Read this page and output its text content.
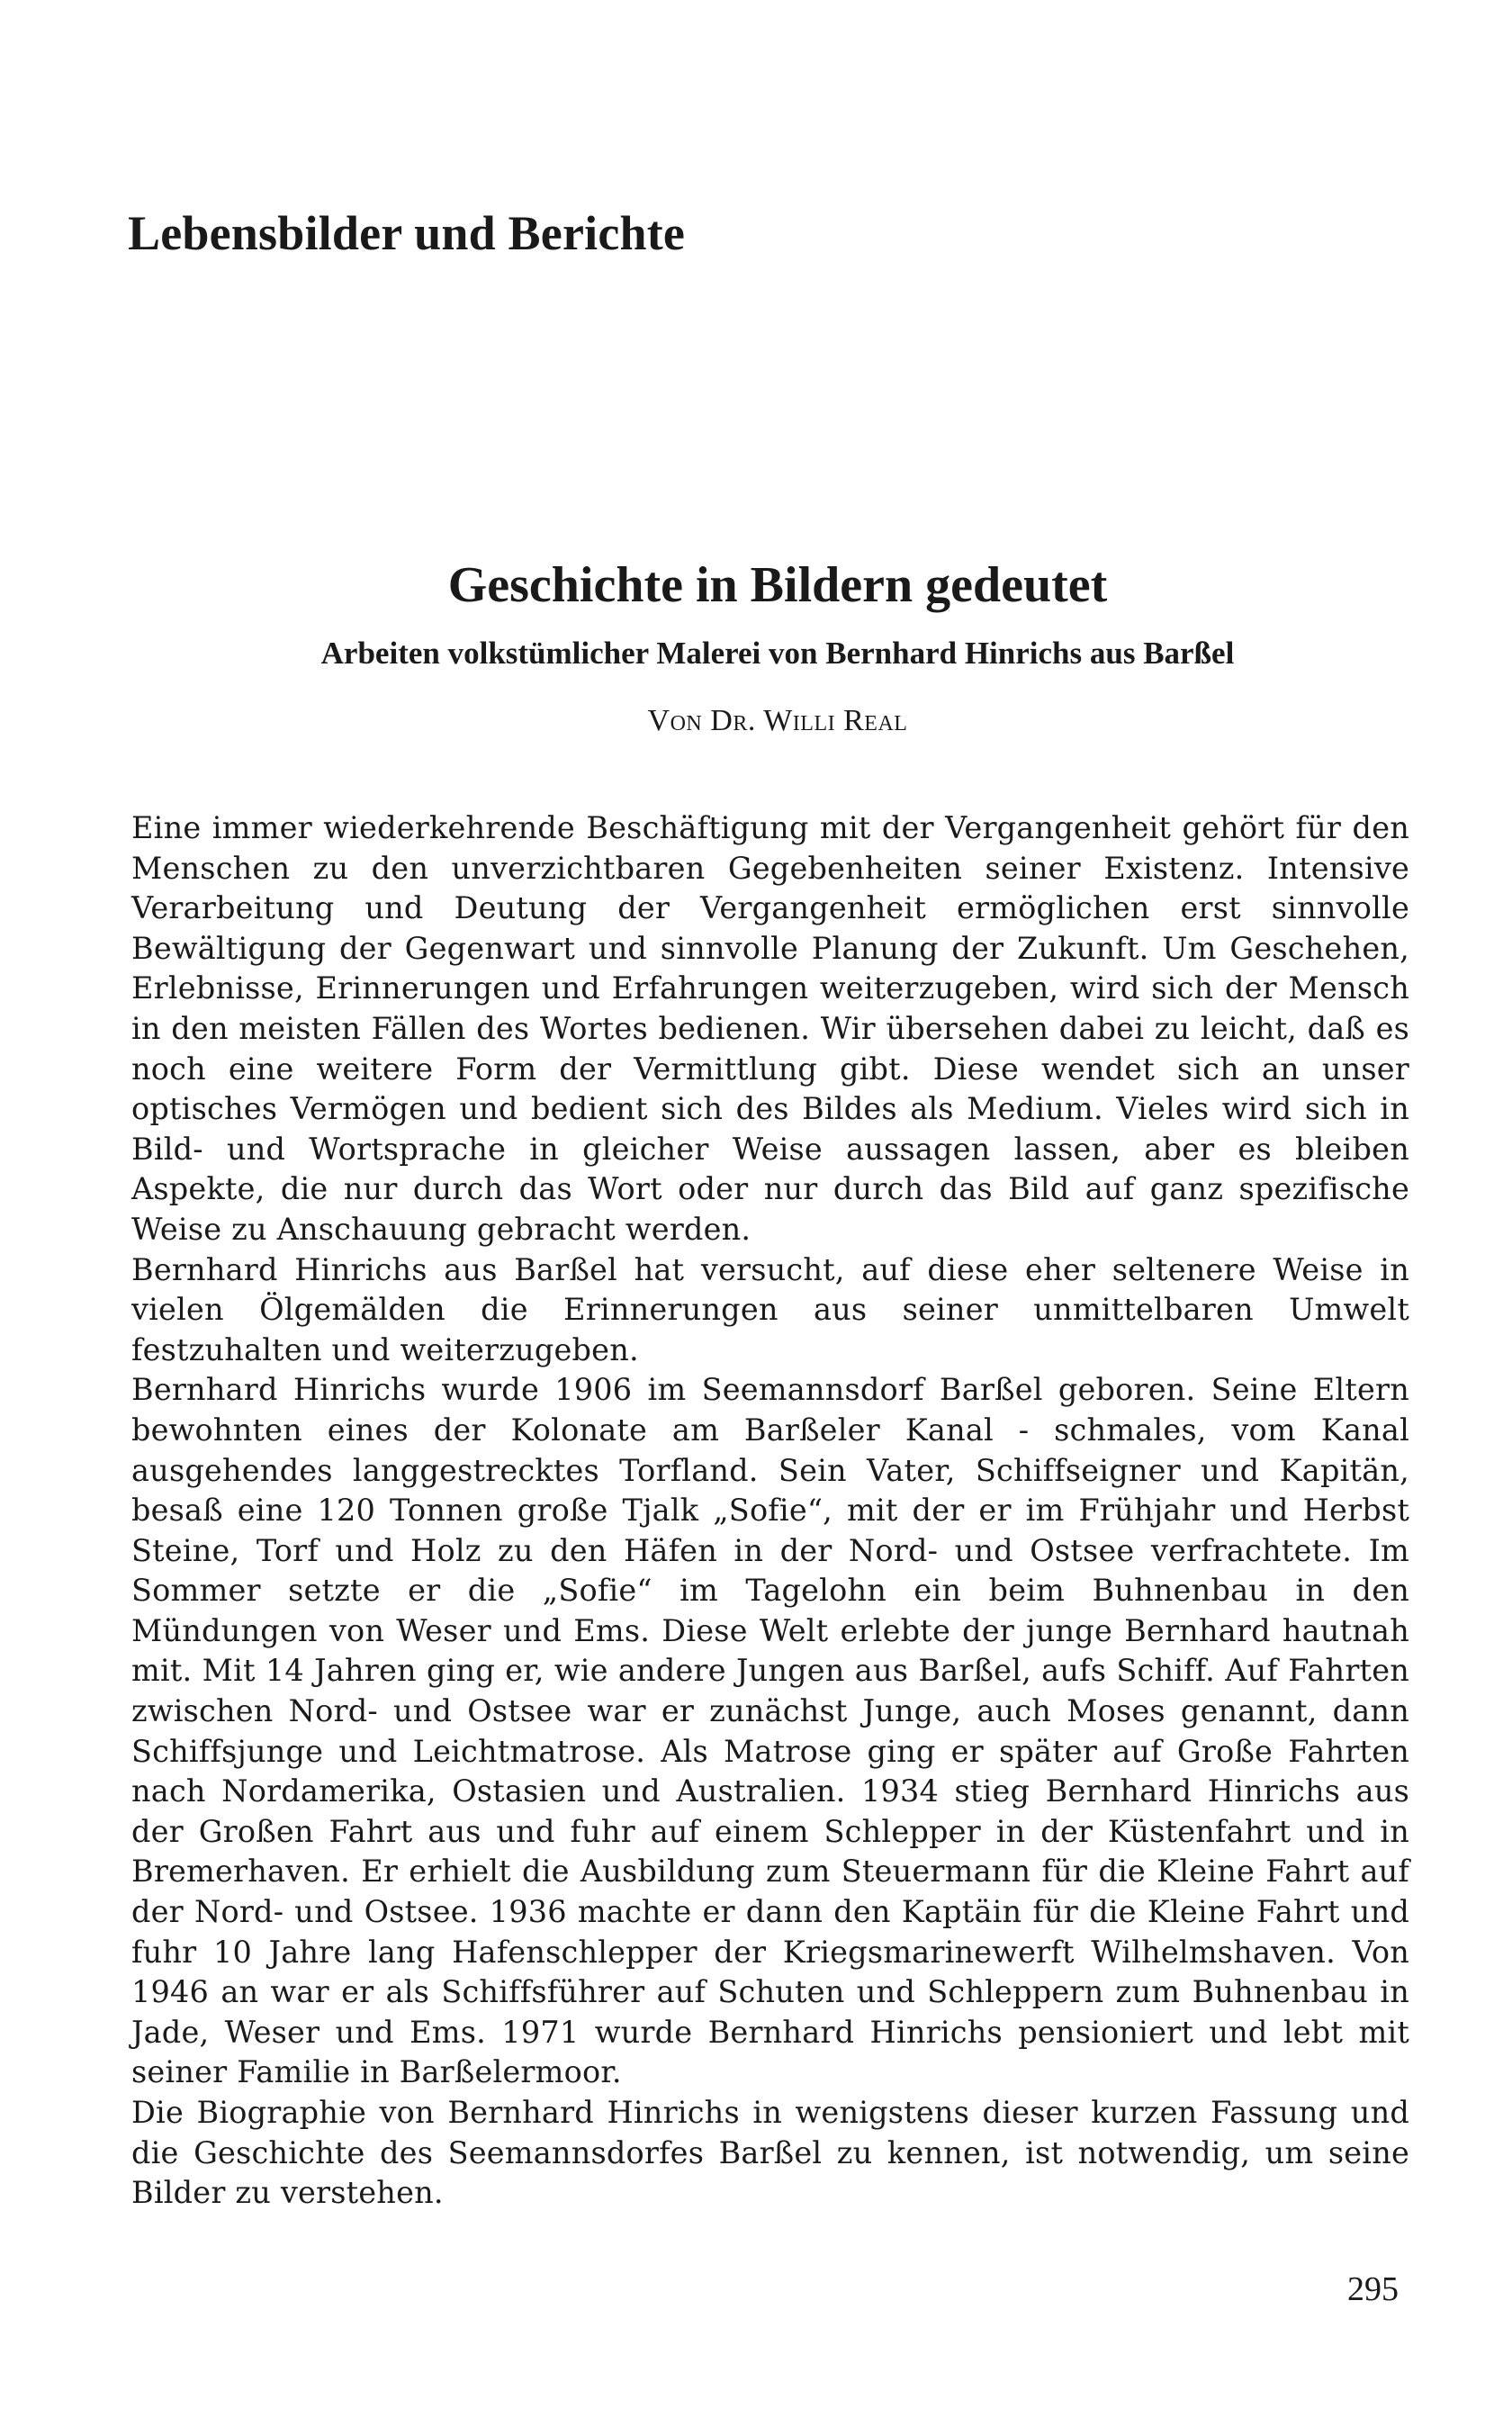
Lebensbilder und Berichte
Geschichte in Bildern gedeutet
Arbeiten volkstümlicher Malerei von Bernhard Hinrichs aus Barßel

Von Dr. Willi Real

Eine immer wiederkehrende Beschäftigung mit der Vergangenheit gehört für den Menschen zu den unverzichtbaren Gegebenheiten seiner Existenz. Intensive Verarbeitung und Deutung der Vergangenheit ermöglichen erst sinnvolle Bewältigung der Gegenwart und sinnvolle Planung der Zukunft. Um Geschehen, Erlebnisse, Erinnerungen und Erfahrungen weiterzugeben, wird sich der Mensch in den meisten Fällen des Wortes bedienen. Wir übersehen dabei zu leicht, daß es noch eine weitere Form der Vermittlung gibt. Diese wendet sich an unser optisches Vermögen und bedient sich des Bildes als Medium. Vieles wird sich in Bild- und Wortsprache in gleicher Weise aussagen lassen, aber es bleiben Aspekte, die nur durch das Wort oder nur durch das Bild auf ganz spezifische Weise zu Anschauung gebracht werden.

Bernhard Hinrichs aus Barßel hat versucht, auf diese eher seltenere Weise in vielen Ölgemälden die Erinnerungen aus seiner unmittelbaren Umwelt festzuhalten und weiterzugeben.

Bernhard Hinrichs wurde 1906 im Seemannsdorf Barßel geboren. Seine Eltern bewohnten eines der Kolonate am Barßeler Kanal - schmales, vom Kanal ausgehendes langgestrecktes Torfland. Sein Vater, Schiffseigner und Kapitän, besaß eine 120 Tonnen große Tjalk „Sofie“, mit der er im Frühjahr und Herbst Steine, Torf und Holz zu den Häfen in der Nord- und Ostsee verfrachtete. Im Sommer setzte er die „Sofie“ im Tagelohn ein beim Buhnenbau in den Mündungen von Weser und Ems. Diese Welt erlebte der junge Bernhard hautnah mit. Mit 14 Jahren ging er, wie andere Jungen aus Barßel, aufs Schiff. Auf Fahrten zwischen Nord- und Ostsee war er zunächst Junge, auch Moses genannt, dann Schiffsjunge und Leichtmatrose. Als Matrose ging er später auf Große Fahrten nach Nordamerika, Ostasien und Australien. 1934 stieg Bernhard Hinrichs aus der Großen Fahrt aus und fuhr auf einem Schlepper in der Küstenfahrt und in Bremerhaven. Er erhielt die Ausbildung zum Steuermann für die Kleine Fahrt auf der Nord- und Ostsee. 1936 machte er dann den Kaptäin für die Kleine Fahrt und fuhr 10 Jahre lang Hafenschlepper der Kriegsmarinewerft Wilhelmshaven. Von 1946 an war er als Schiffsführer auf Schuten und Schleppern zum Buhnenbau in Jade, Weser und Ems. 1971 wurde Bernhard Hinrichs pensioniert und lebt mit seiner Familie in Barßelermoor.

Die Biographie von Bernhard Hinrichs in wenigstens dieser kurzen Fassung und die Geschichte des Seemannsdorfes Barßel zu kennen, ist notwendig, um seine Bilder zu verstehen.

295
